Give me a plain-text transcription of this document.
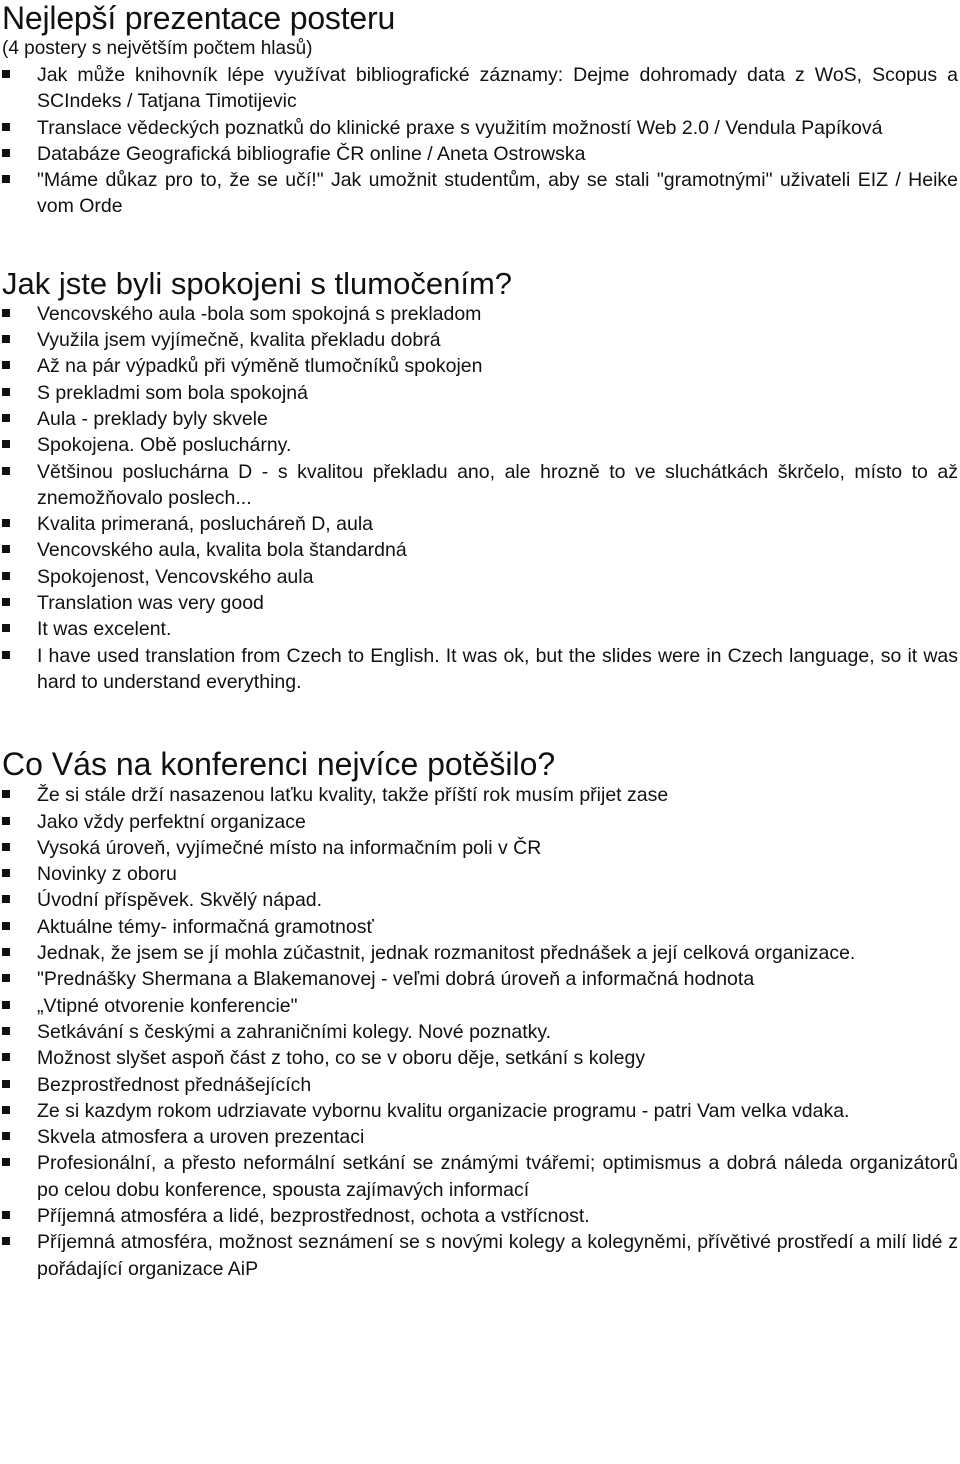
Nejlepší prezentace posteru
(4 postery s největším počtem hlasů)
Jak může knihovník lépe využívat bibliografické záznamy: Dejme dohromady data z WoS, Scopus a SCIndeks / Tatjana Timotijevic
Translace vědeckých poznatků do klinické praxe s využitím možností Web 2.0 / Vendula Papíková
Databáze Geografická bibliografie ČR online / Aneta Ostrowska
"Máme důkaz pro to, že se učí!" Jak umožnit studentům, aby se stali "gramotnými" uživateli EIZ / Heike vom Orde
Jak jste byli spokojeni s tlumočením?
Vencovského aula -bola som spokojná s prekladom
Využila jsem vyjímečně, kvalita překladu dobrá
Až na pár výpadků při výměně tlumočníků spokojen
S prekladmi som bola spokojná
Aula - preklady byly skvele
Spokojena. Obě posluchárny.
Většinou posluchárna D - s kvalitou překladu ano, ale hrozně to ve sluchátkách škrčelo, místo to až znemožňovalo poslech...
Kvalita primeraná, poslucháreň D, aula
Vencovského aula, kvalita bola štandardná
Spokojenost, Vencovského aula
Translation was very good
It was excelent.
I have used translation from Czech to English. It was ok, but the slides were in Czech language, so it was hard to understand everything.
Co Vás na konferenci nejvíce potěšilo?
Že si stále drží nasazenou laťku kvality, takže příští rok musím přijet zase
Jako vždy perfektní organizace
Vysoká úroveň, vyjímečné místo na informačním poli v ČR
Novinky z oboru
Úvodní příspěvek. Skvělý nápad.
Aktuálne témy- informačná gramotnosť
Jednak, že jsem se jí mohla zúčastnit, jednak rozmanitost přednášek a její celková organizace.
"Prednášky Shermana a Blakemanovej - veľmi dobrá úroveň a informačná hodnota
„Vtipné otvorenie konferencie"
Setkávání s českými a zahraničními kolegy. Nové poznatky.
Možnost slyšet aspoň část z toho, co se v oboru děje, setkání s kolegy
Bezprostřednost přednášejících
Ze si kazdym rokom udrziavate vybornu kvalitu organizacie programu - patri Vam velka vdaka.
Skvela atmosfera a uroven prezentaci
Profesionální, a přesto neformální setkání se známými tvářemi; optimismus a dobrá náleda organizátorů po celou dobu konference, spousta zajímavých informací
Příjemná atmosféra a lidé, bezprostřednost, ochota a vstřícnost.
Příjemná atmosféra, možnost seznámení se s novými kolegy a kolegyněmi, přívětivé prostředí a milí lidé z pořádající organizace AiP
